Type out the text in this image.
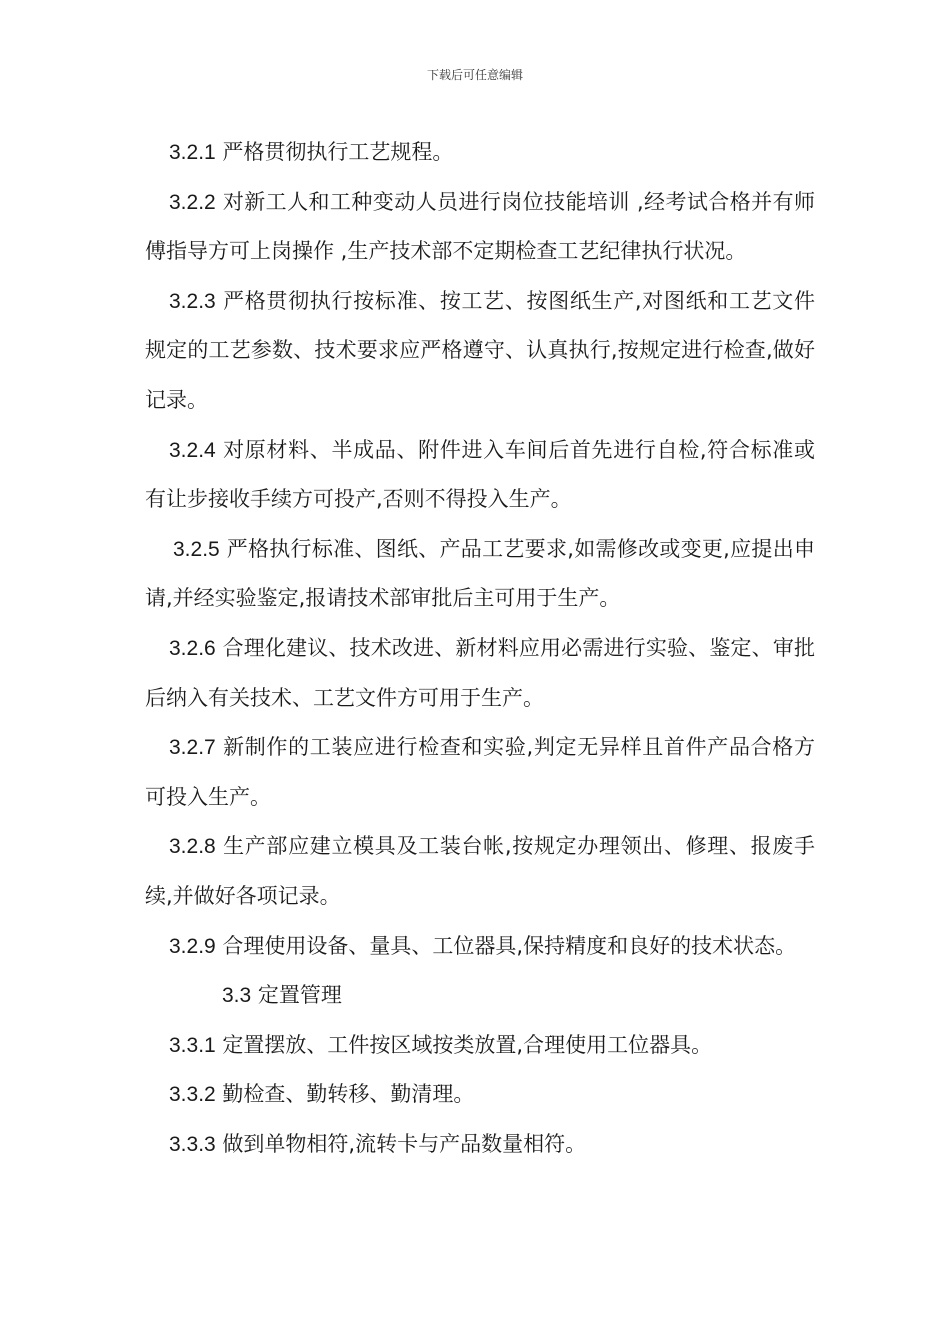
下载后可任意编辑

3.2.1 严格贯彻执行工艺规程。

3.2.2 对新工人和工种变动人员进行岗位技能培训 ,经考试合格并有师傅指导方可上岗操作 ,生产技术部不定期检查工艺纪律执行状况。

3.2.3 严格贯彻执行按标准、按工艺、按图纸生产,对图纸和工艺文件规定的工艺参数、技术要求应严格遵守、认真执行,按规定进行检查,做好记录。

3.2.4 对原材料、半成品、附件进入车间后首先进行自检,符合标准或有让步接收手续方可投产,否则不得投入生产。

3.2.5 严格执行标准、图纸、产品工艺要求,如需修改或变更,应提出申请,并经实验鉴定,报请技术部审批后主可用于生产。

3.2.6 合理化建议、技术改进、新材料应用必需进行实验、鉴定、审批后纳入有关技术、工艺文件方可用于生产。

3.2.7 新制作的工装应进行检查和实验,判定无异样且首件产品合格方可投入生产。

3.2.8 生产部应建立模具及工装台帐,按规定办理领出、修理、报废手续,并做好各项记录。

3.2.9 合理使用设备、量具、工位器具,保持精度和良好的技术状态。

3.3 定置管理

3.3.1 定置摆放、工件按区域按类放置,合理使用工位器具。

3.3.2 勤检查、勤转移、勤清理。

3.3.3 做到单物相符,流转卡与产品数量相符。
